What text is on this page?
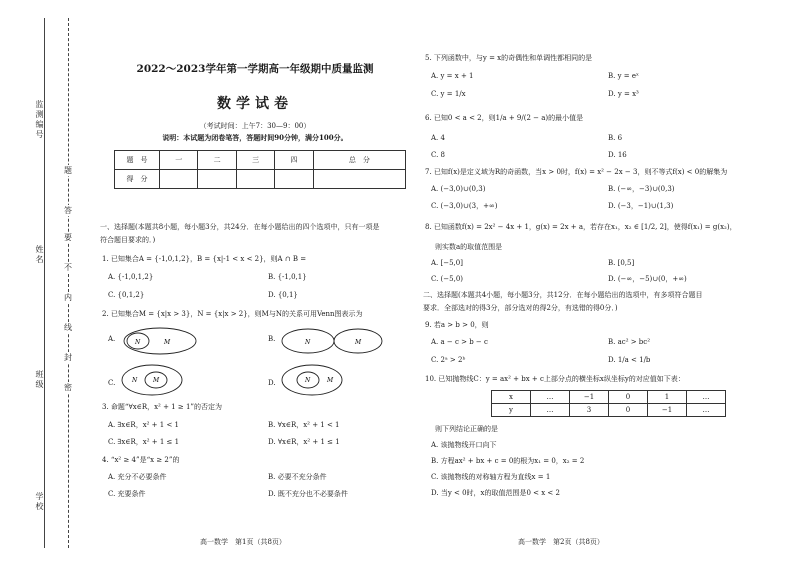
监测编号
姓名
班级
学校
题
答
要
不
内
线
封
密
2022～2023学年第一学期高一年级期中质量监测
数学试卷
（考试时间：上午7：30—9：00）
说明：本试题为闭卷笔答，答题时间90分钟，满分100分。
题　号	一	二	三	四	总　分
得　分					
一、选择题(本题共8小题，每小题3分，共24分．在每小题给出的四个选项中，只有一项是
符合题目要求的．)
1. 已知集合A = {-1,0,1,2}，B = {x|-1 < x < 2}，则A ∩ B =
A. {-1,0,1,2}	B. {-1,0,1}
C. {0,1,2}	D. {0,1}
2. 已知集合M = {x|x > 3}，N = {x|x > 2}，则M与N的关系可用Venn图表示为
A.	N	M	B.	N	M
C.	N	M	D.	N	M
3. 命题“∀x∈R，x² + 1 ≥ 1”的否定为
A. ∃x∈R，x² + 1 < 1	B. ∀x∈R，x² + 1 < 1
C. ∃x∈R，x² + 1 ≤ 1	D. ∀x∈R，x² + 1 ≤ 1
4. “x² ≥ 4”是“x ≥ 2”的
A. 充分不必要条件	B. 必要不充分条件
C. 充要条件	D. 既不充分也不必要条件
高一数学　第1页（共8页）
5. 下列函数中，与y = x的奇偶性和单调性都相同的是
A. y = x + 1	B. y = eˣ
C. y = 1/x	D. y = x³
6. 已知0 < a < 2，则1/a + 9/(2 − a)的最小值是
A. 4	B. 6
C. 8	D. 16
7. 已知f(x)是定义域为R的奇函数，当x > 0时，f(x) = x² − 2x − 3，则不等式f(x) < 0的解集为
A. (−3,0)∪(0,3)	B. (−∞，−3)∪(0,3)
C. (−3,0)∪(3，+∞)	D. (−3，−1)∪(1,3)
8. 已知函数f(x) = 2x² − 4x + 1，g(x) = 2x + a，若存在x₁，x₂ ∈ [1/2, 2]，使得f(x₁) = g(x₂)，
则实数a的取值范围是
A. [−5,0]	B. [0,5]
C. (−5,0)	D. (−∞，−5)∪(0，+∞)
二、选择题(本题共4小题，每小题3分，共12分．在每小题给出的选项中，有多项符合题目
要求．全部选对的得3分，部分选对的得2分，有选错的得0分．)
9. 若a > b > 0，则
A. a − c > b − c	B. ac² > bc²
C. 2ᵃ > 2ᵇ	D. 1/a < 1/b
10. 已知抛物线C：y = ax² + bx + c上部分点的横坐标x纵坐标y的对应值如下表：
x	…	−1	0	1	…
y	…	3	0	−1	…
则下列结论正确的是
A. 该抛物线开口向下
B. 方程ax² + bx + c = 0的根为x₁ = 0，x₂ = 2
C. 该抛物线的对称轴方程为直线x = 1
D. 当y < 0时，x的取值范围是0 < x < 2
高一数学　第2页（共8页）
